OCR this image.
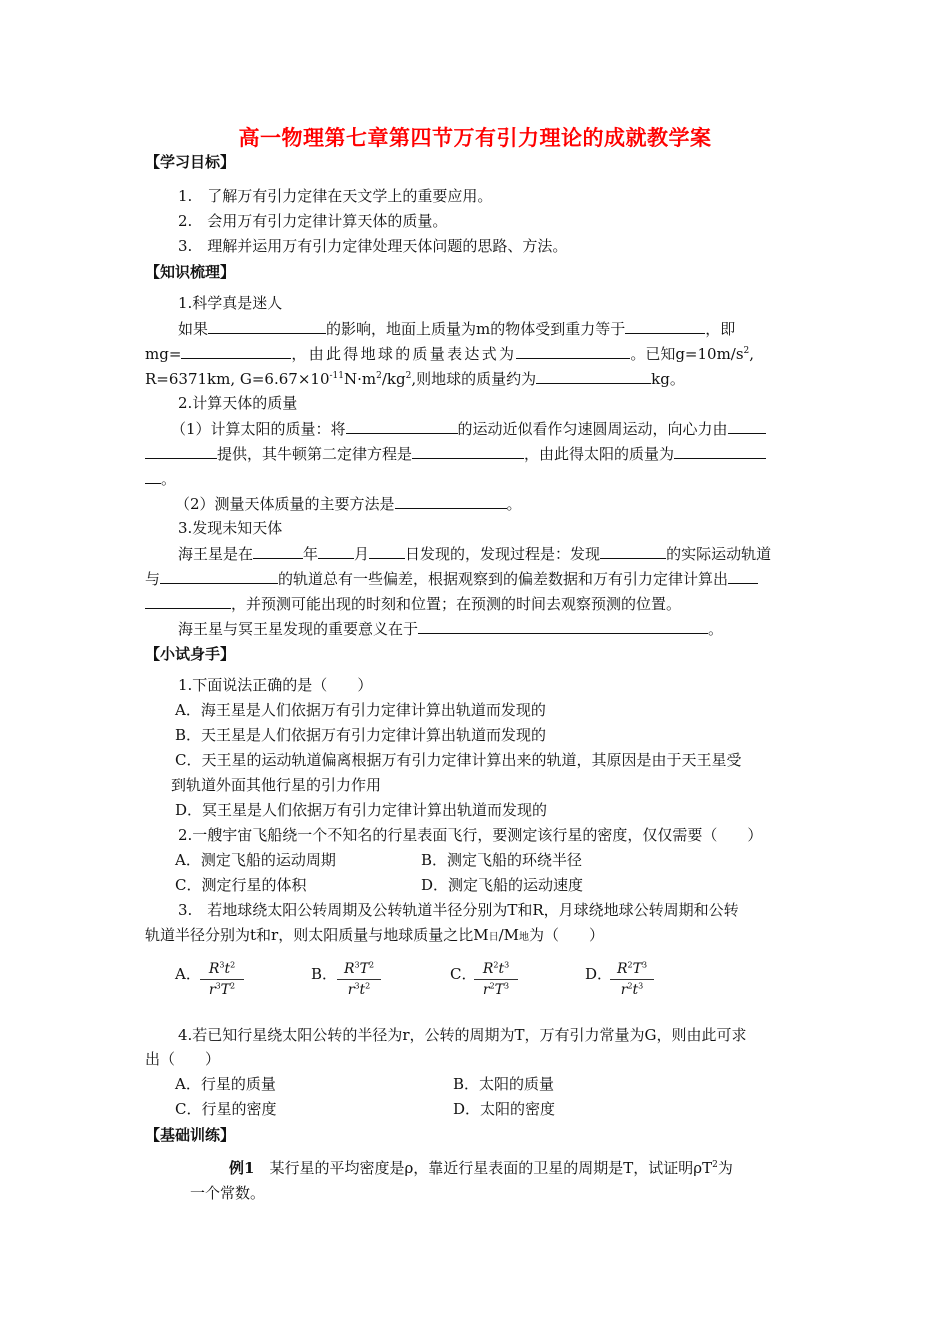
高一物理第七章第四节万有引力理论的成就教学案
【学习目标】
1.　了解万有引力定律在天文学上的重要应用。
2.　会用万有引力定律计算天体的质量。
3.　理解并运用万有引力定律处理天体问题的思路、方法。
【知识梳理】
1.科学真是迷人
如果	的影响，地面上质量为m的物体受到重力等于	，即
mg=	，由此得地球的质量表达式为	。已知$g=10m/s^2$,
R=6371km, $G=6.67\times 10^{-11}N\cdot m^2/kg^2$,则地球的质量约为	kg。
2.计算天体的质量
（1）计算太阳的质量：将	的运动近似看作匀速圆周运动，向心力由
提供，其牛顿第二定律方程是	，由此得太阳的质量为
。
（2）测量天体质量的主要方法是	。
3.发现未知天体
海王星是在	年 月 日发现的，发现过程是：发现	的实际运动轨道
与	的轨道总有一些偏差，根据观察到的偏差数据和万有引力定律计算出
，并预测可能出现的时刻和位置；在预测的时间去观察预测的位置。
海王星与冥王星发现的重要意义在于	。
【小试身手】
1.下面说法正确的是（　　）
A．海王星是人们依据万有引力定律计算出轨道而发现的
B．天王星是人们依据万有引力定律计算出轨道而发现的
C．天王星的运动轨道偏离根据万有引力定律计算出来的轨道，其原因是由于天王星受
到轨道外面其他行星的引力作用
D．冥王星是人们依据万有引力定律计算出轨道而发现的
2.一艘宇宙飞船绕一个不知名的行星表面飞行，要测定该行星的密度，仅仅需要（　　）
A．测定飞船的运动周期	B．测定飞船的环绕半径
C．测定行星的体积	D．测定飞船的运动速度
3.　若地球绕太阳公转周期及公转轨道半径分别为T和R，月球绕地球公转周期和公转
轨道半径分别为t和r，则太阳质量与地球质量之比M日/M地为（　　）
A． $\frac{R^3t^2}{r^3T^2}$	B． $\frac{R^3T^2}{r^3t^2}$	C．
$\frac{R^2t^3}{r^2T^3}$	D．
$\frac{R^2T^3}{r^2t^3}$
4.若已知行星绕太阳公转的半径为r，公转的周期为T，万有引力常量为G，则由此可求
出（　　）
A．行星的质量	B．太阳的质量
C．行星的密度	D．太阳的密度
【基础训练】
例1　某行星的平均密度是ρ，靠近行星表面的卫星的周期是T，试证明$\rho T^2$为
一个常数。
